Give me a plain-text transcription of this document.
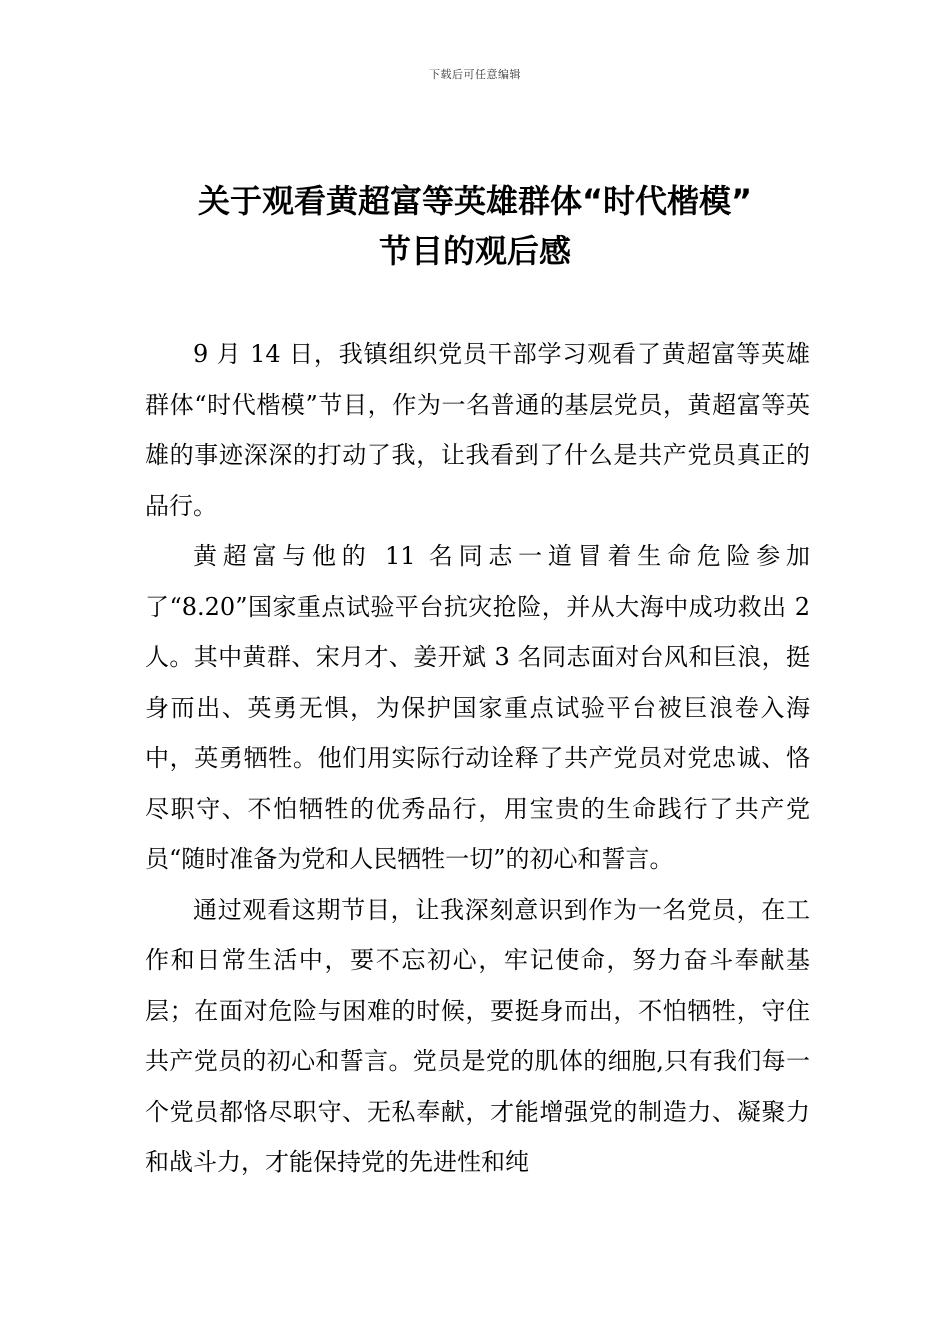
下载后可任意编辑
关于观看黄超富等英雄群体“时代楷模”
节目的观后感

9 月 14 日，我镇组织党员干部学习观看了黄超富等英雄群体“时代楷模”节目，作为一名普通的基层党员，黄超富等英雄的事迹深深的打动了我，让我看到了什么是共产党员真正的品行。

黄超富与他的 11 名同志一道冒着生命危险参加了“8.20”国家重点试验平台抗灾抢险，并从大海中成功救出 2 人。其中黄群、宋月才、姜开斌 3 名同志面对台风和巨浪，挺身而出、英勇无惧，为保护国家重点试验平台被巨浪卷入海中，英勇牺牲。他们用实际行动诠释了共产党员对党忠诚、恪尽职守、不怕牺牲的优秀品行，用宝贵的生命践行了共产党员“随时准备为党和人民牺牲一切”的初心和誓言。

通过观看这期节目，让我深刻意识到作为一名党员，在工作和日常生活中，要不忘初心，牢记使命，努力奋斗奉献基层；在面对危险与困难的时候，要挺身而出，不怕牺牲，守住共产党员的初心和誓言。党员是党的肌体的细胞,只有我们每一个党员都恪尽职守、无私奉献，才能增强党的制造力、凝聚力和战斗力，才能保持党的先进性和纯
